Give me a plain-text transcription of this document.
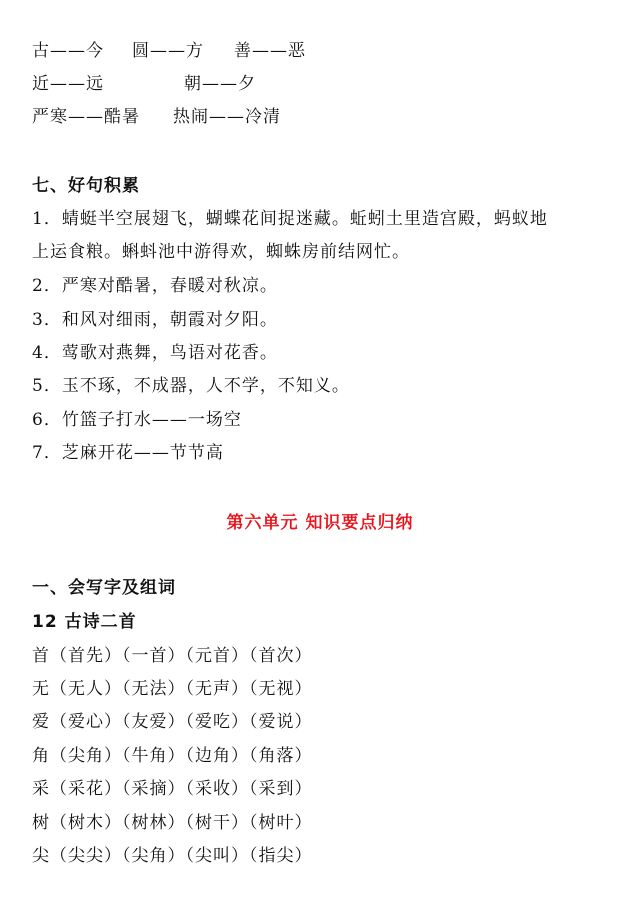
古——今 圆——方 善——恶
近——远	朝——夕
严寒——酷暑 热闹——冷清
七、好句积累
1．蜻蜓半空展翅飞，蝴蝶花间捉迷藏。蚯蚓土里造宫殿，蚂蚁地
上运食粮。蝌蚪池中游得欢，蜘蛛房前结网忙。
2．严寒对酷暑，春暖对秋凉。
3．和风对细雨，朝霞对夕阳。
4．莺歌对燕舞，鸟语对花香。
5．玉不琢，不成器，人不学，不知义。
6．竹篮子打水——一场空
7．芝麻开花——节节高
第六单元 知识要点归纳
一、会写字及组词
12 古诗二首
首（首先）（一首）（元首）（首次）
无（无人）（无法）（无声）（无视）
爱（爱心）（友爱）（爱吃）（爱说）
角（尖角）（牛角）（边角）（角落）
采（采花）（采摘）（采收）（采到）
树（树木）（树林）（树干）（树叶）
尖（尖尖）（尖角）（尖叫）（指尖）
